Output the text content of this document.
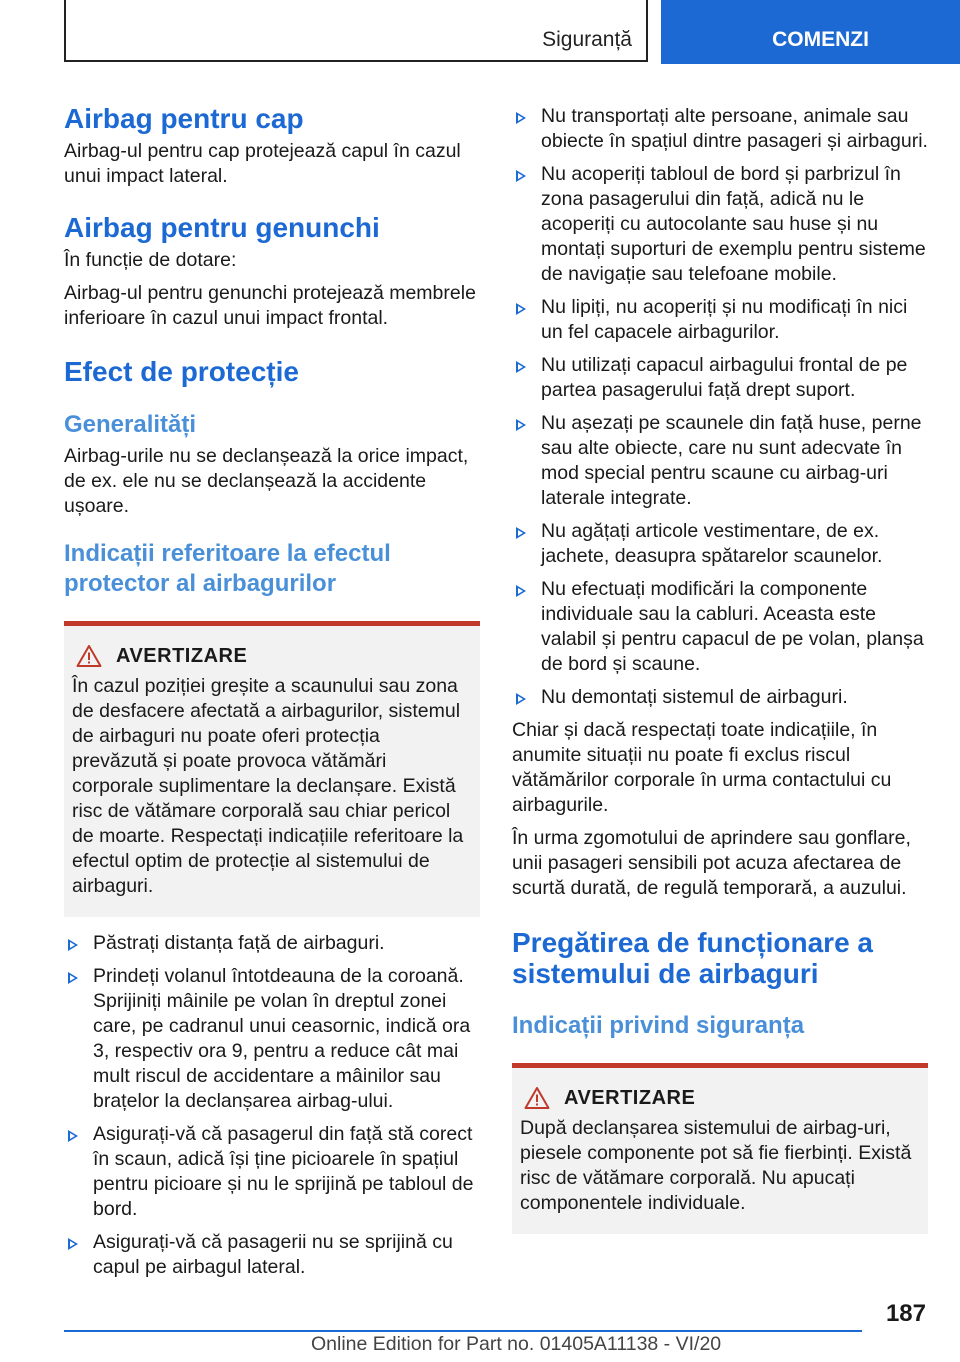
Siguranță	COMENZI
Airbag pentru cap

Airbag-ul pentru cap protejează capul în cazul unui impact lateral.

Airbag pentru genunchi

În funcție de dotare:

Airbag-ul pentru genunchi protejează membrele inferioare în cazul unui impact frontal.

Efect de protecție
Generalități

Airbag-urile nu se declanșează la orice impact, de ex. ele nu se declanșează la accidente ușoare.

Indicații referitoare la efectul protector al airbagurilor
AVERTIZARE

În cazul poziției greșite a scaunului sau zona de desfacere afectată a airbagurilor, sistemul de airbaguri nu poate oferi protecția prevăzută și poate provoca vătămări corporale suplimentare la declanșare. Există risc de vătămare corporală sau chiar pericol de moarte. Respectați indicațiile referitoare la efectul optim de protecție al sistemului de airbaguri.

Păstrați distanța față de airbaguri.
Prindeți volanul întotdeauna de la coroană. Sprijiniți mâinile pe volan în dreptul zonei care, pe cadranul unui ceasornic, indică ora 3, respectiv ora 9, pentru a reduce cât mai mult riscul de accidentare a mâinilor sau brațelor la declanșarea airbag-ului.
Asigurați-vă că pasagerul din față stă corect în scaun, adică își ține picioarele în spațiul pentru picioare și nu le sprijină pe tabloul de bord.
Asigurați-vă că pasagerii nu se sprijină cu capul pe airbagul lateral.
Nu transportați alte persoane, animale sau obiecte în spațiul dintre pasageri și airbaguri.
Nu acoperiți tabloul de bord și parbrizul în zona pasagerului din față, adică nu le acoperiți cu autocolante sau huse și nu montați suporturi de exemplu pentru sisteme de navigație sau telefoane mobile.
Nu lipiți, nu acoperiți și nu modificați în nici un fel capacele airbagurilor.
Nu utilizați capacul airbagului frontal de pe partea pasagerului față drept suport.
Nu așezați pe scaunele din față huse, perne sau alte obiecte, care nu sunt adecvate în mod special pentru scaune cu airbag-uri laterale integrate.
Nu agățați articole vestimentare, de ex. jachete, deasupra spătarelor scaunelor.
Nu efectuați modificări la componente individuale sau la cabluri. Aceasta este valabil și pentru capacul de pe volan, planșa de bord și scaune.
Nu demontați sistemul de airbaguri.

Chiar și dacă respectați toate indicațiile, în anumite situații nu poate fi exclus riscul vătămărilor corporale în urma contactului cu airbagurile.

În urma zgomotului de aprindere sau gonflare, unii pasageri sensibili pot acuza afectarea de scurtă durată, de regulă temporară, a auzului.

Pregătirea de funcționare a sistemului de airbaguri
Indicații privind siguranța
AVERTIZARE

După declanșarea sistemului de airbag-uri, piesele componente pot să fie fierbinți. Există risc de vătămare corporală. Nu apucați componentele individuale.

187
Online Edition for Part no. 01405A11138 - VI/20
